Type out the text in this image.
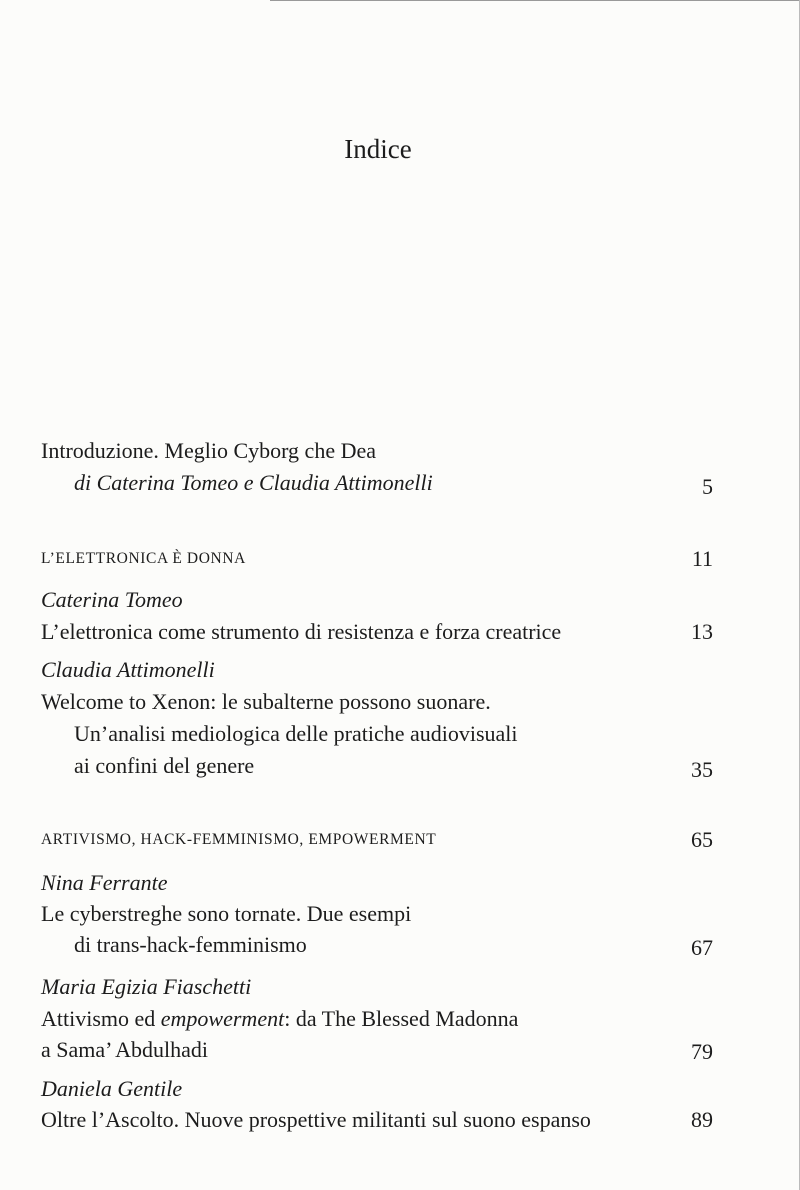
Indice
Introduzione. Meglio Cyborg che Dea
di Caterina Tomeo e Claudia Attimonelli	5
L’ELETTRONICA È DONNA	11
Caterina Tomeo
L’elettronica come strumento di resistenza e forza creatrice	13
Claudia Attimonelli
Welcome to Xenon: le subalterne possono suonare.
Un’analisi mediologica delle pratiche audiovisuali
ai confini del genere	35
ARTIVISMO, HACK-FEMMINISMO, EMPOWERMENT	65
Nina Ferrante
Le cyberstreghe sono tornate. Due esempi
di trans-hack-femminismo	67
Maria Egizia Fiaschetti
Attivismo ed empowerment: da The Blessed Madonna
a Sama’ Abdulhadi	79
Daniela Gentile
Oltre l’Ascolto. Nuove prospettive militanti sul suono espanso	89
